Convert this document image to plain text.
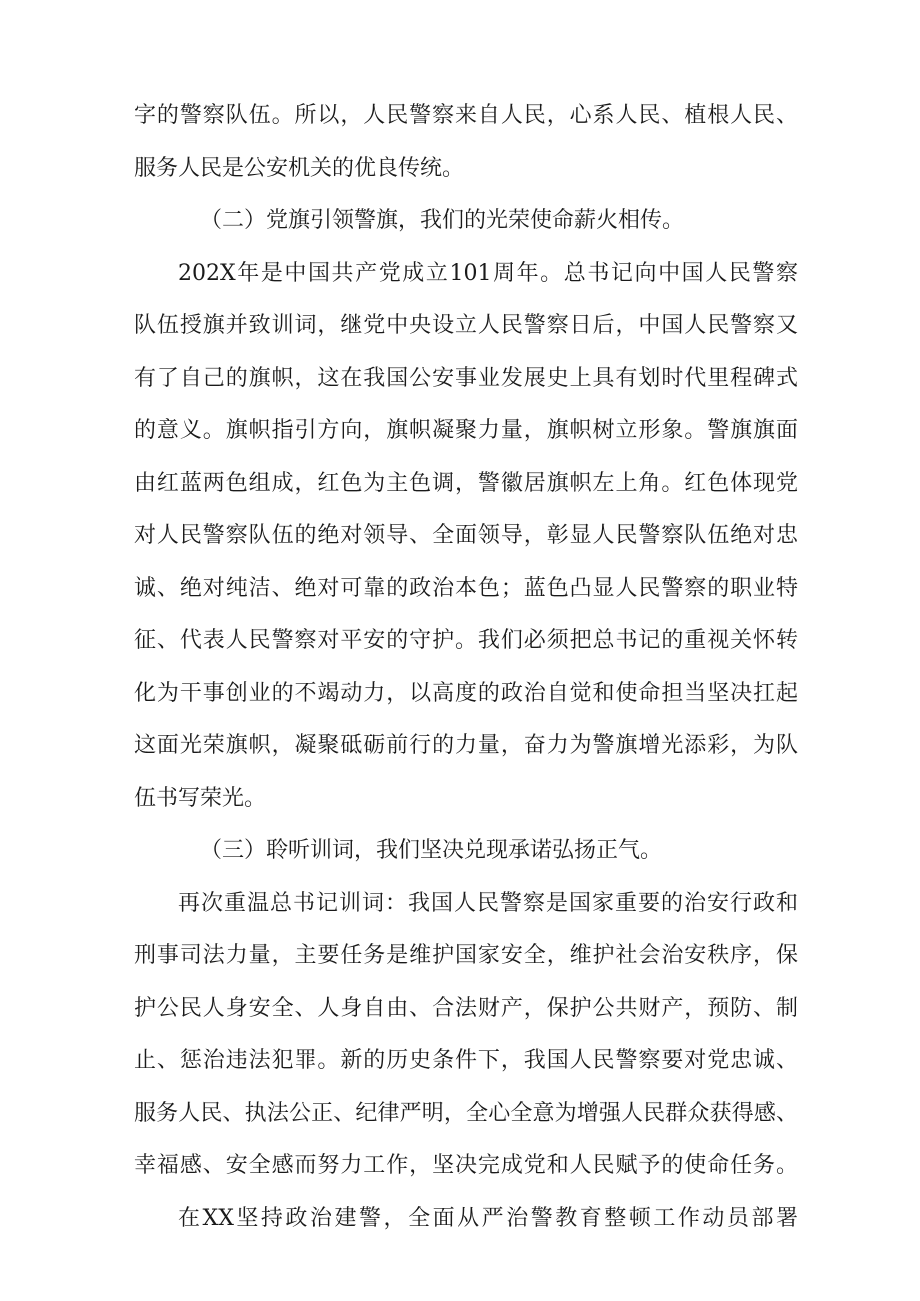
字的警察队伍。所以，人民警察来自人民，心系人民、植根人民、
服务人民是公安机关的优良传统。
（二）党旗引领警旗，我们的光荣使命薪火相传。
202X年是中国共产党成立101周年。总书记向中国人民警察
队伍授旗并致训词，继党中央设立人民警察日后，中国人民警察又
有了自己的旗帜，这在我国公安事业发展史上具有划时代里程碑式
的意义。旗帜指引方向，旗帜凝聚力量，旗帜树立形象。警旗旗面
由红蓝两色组成，红色为主色调，警徽居旗帜左上角。红色体现党
对人民警察队伍的绝对领导、全面领导，彰显人民警察队伍绝对忠
诚、绝对纯洁、绝对可靠的政治本色；蓝色凸显人民警察的职业特
征、代表人民警察对平安的守护。我们必须把总书记的重视关怀转
化为干事创业的不竭动力，以高度的政治自觉和使命担当坚决扛起
这面光荣旗帜，凝聚砥砺前行的力量，奋力为警旗增光添彩，为队
伍书写荣光。
（三）聆听训词，我们坚决兑现承诺弘扬正气。
再次重温总书记训词：我国人民警察是国家重要的治安行政和
刑事司法力量，主要任务是维护国家安全，维护社会治安秩序，保
护公民人身安全、人身自由、合法财产，保护公共财产，预防、制
止、惩治违法犯罪。新的历史条件下，我国人民警察要对党忠诚、
服务人民、执法公正、纪律严明，全心全意为增强人民群众获得感、
幸福感、安全感而努力工作，坚决完成党和人民赋予的使命任务。
在XX坚持政治建警，全面从严治警教育整顿工作动员部署
